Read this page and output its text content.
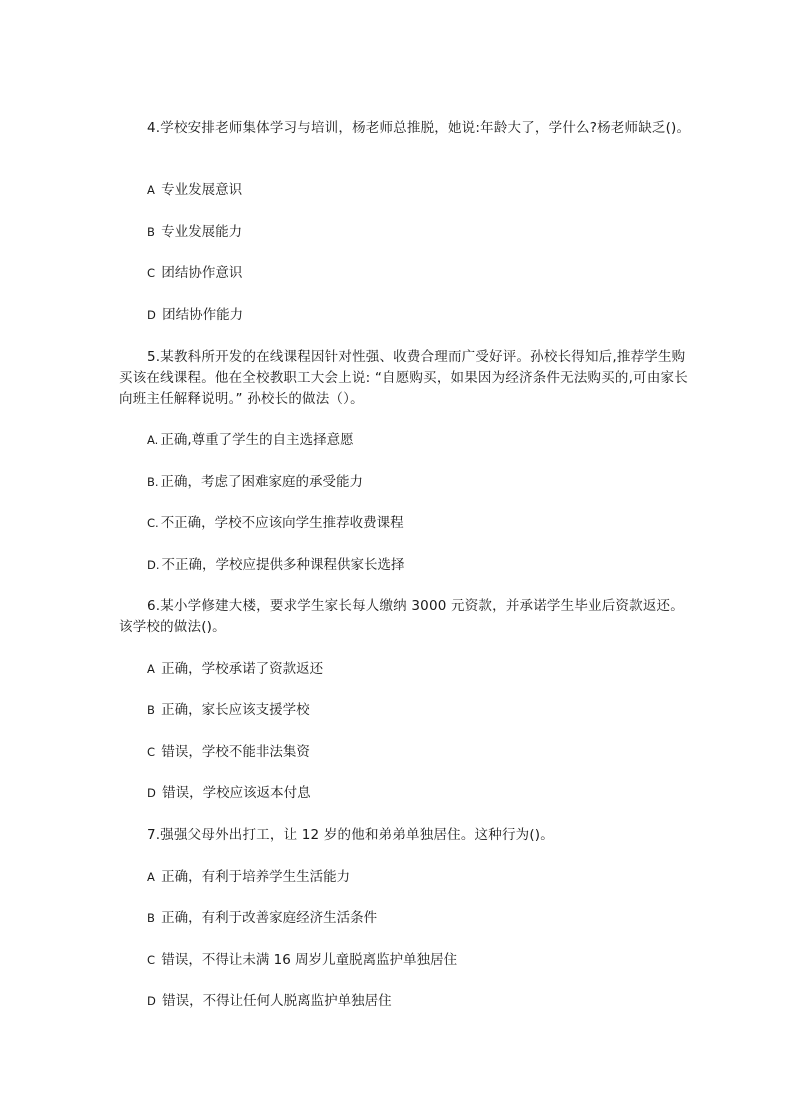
4.学校安排老师集体学习与培训，杨老师总推脱，她说:年龄大了，学什么?杨老师缺乏()。
A 专业发展意识
B 专业发展能力
C 团结协作意识
D 团结协作能力
5.某教科所开发的在线课程因针对性强、收费合理而广受好评。孙校长得知后,推荐学生购买该在线课程。他在全校教职工大会上说: “自愿购买，如果因为经济条件无法购买的,可由家长向班主任解释说明。” 孙校长的做法（）。
A. 正确,尊重了学生的自主选择意愿
B. 正确，考虑了困难家庭的承受能力
C. 不正确，学校不应该向学生推荐收费课程
D. 不正确，学校应提供多种课程供家长选择
6.某小学修建大楼，要求学生家长每人缴纳 3000 元资款，并承诺学生毕业后资款返还。该学校的做法()。
A 正确，学校承诺了资款返还
B 正确，家长应该支援学校
C 错误，学校不能非法集资
D 错误，学校应该返本付息
7.强强父母外出打工，让 12 岁的他和弟弟单独居住。这种行为()。
A 正确，有利于培养学生生活能力
B 正确，有利于改善家庭经济生活条件
C 错误，不得让未满 16 周岁儿童脱离监护单独居住
D 错误，不得让任何人脱离监护单独居住
